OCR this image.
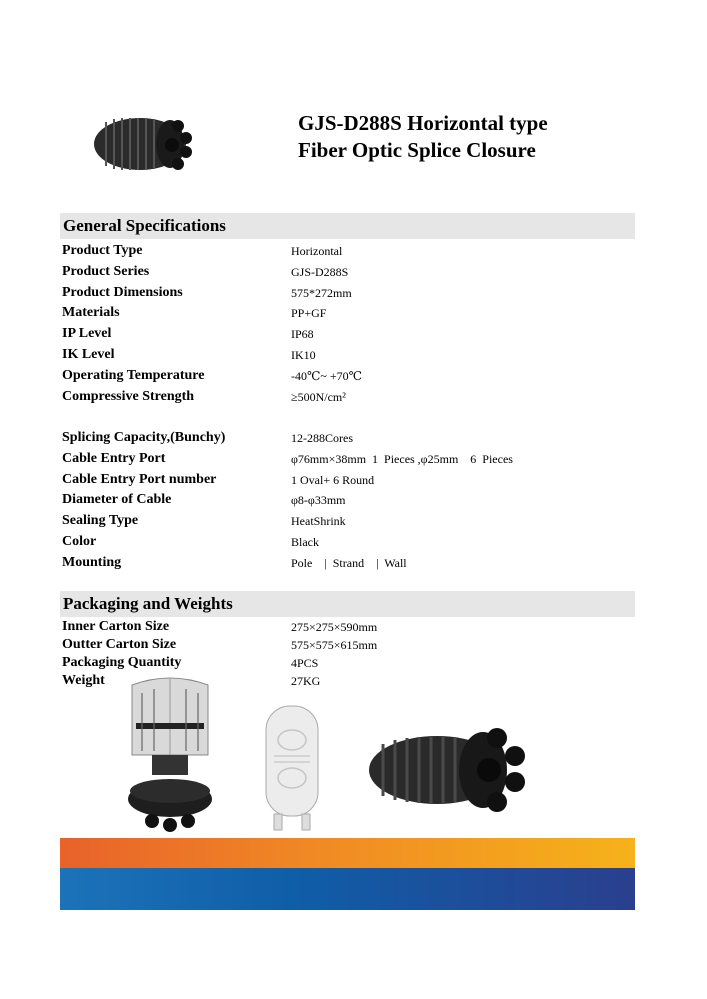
GJS-D288S Horizontal type
Fiber Optic Splice Closure
General Specifications
Product Type	Horizontal
Product Series	GJS-D288S
Product Dimensions	575*272mm
Materials	PP+GF
IP Level	IP68
IK Level	IK10
Operating Temperature	-40℃~ +70℃
Compressive Strength	≥500N/cm²
Splicing Capacity,(Bunchy)	12-288Cores
Cable Entry Port	φ76mm×38mm  1  Pieces ,φ25mm    6  Pieces
Cable Entry Port number	1 Oval+ 6 Round
Diameter of Cable	φ8-φ33mm
Sealing Type	HeatShrink
Color	Black
Mounting	Pole    |  Strand    |  Wall
Packaging and Weights
Inner Carton Size	275×275×590mm
Outter Carton Size	575×575×615mm
Packaging Quantity	4PCS
Weight	27KG
